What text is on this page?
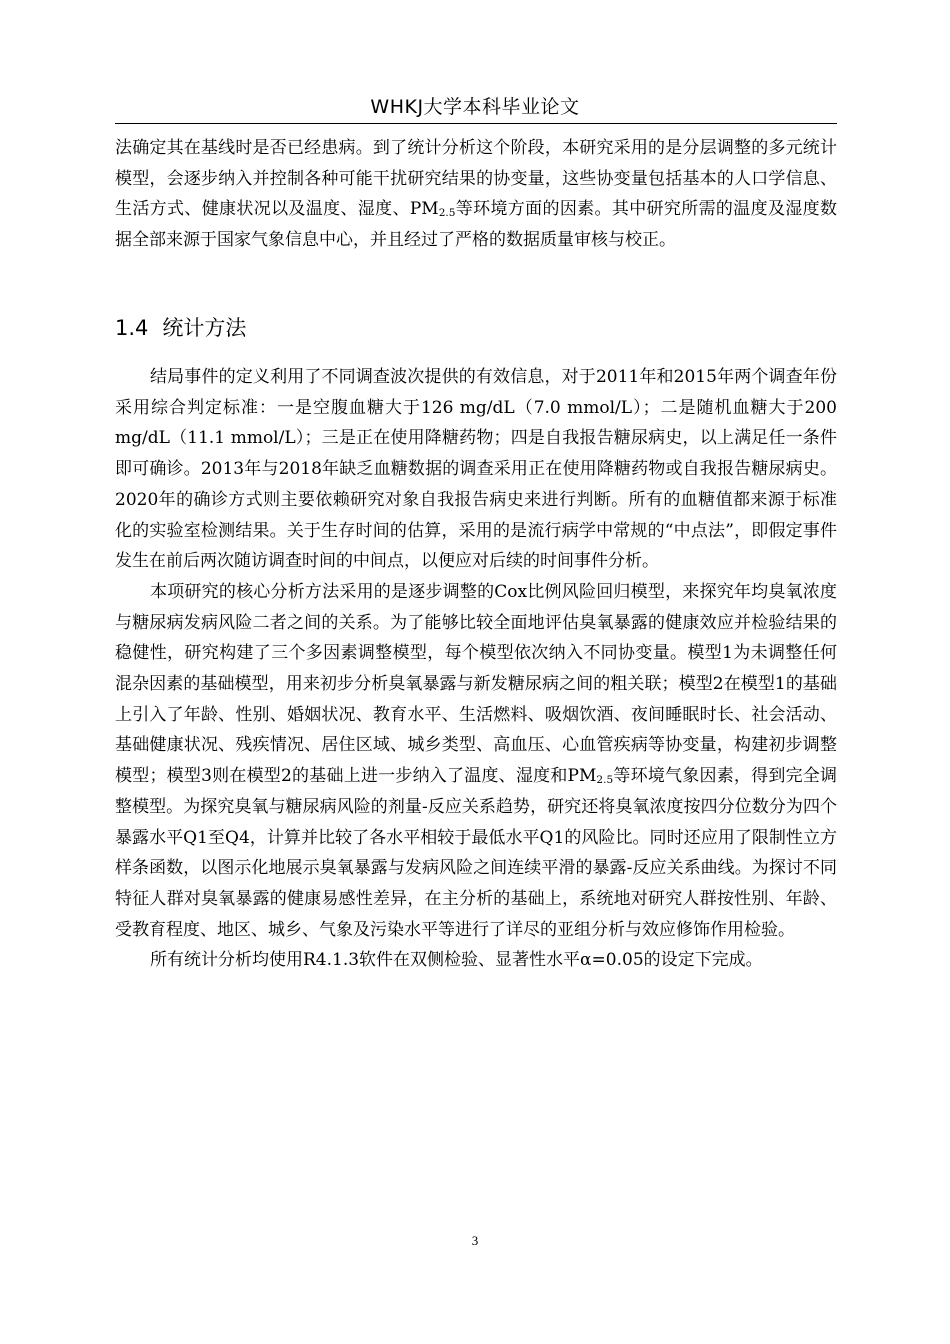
WHKJ大学本科毕业论文

法确定其在基线时是否已经患病。到了统计分析这个阶段，本研究采用的是分层调整的多元统计模型，会逐步纳入并控制各种可能干扰研究结果的协变量，这些协变量包括基本的人口学信息、生活方式、健康状况以及温度、湿度、$PM_{2.5}$等环境方面的因素。其中研究所需的温度及湿度数据全部来源于国家气象信息中心，并且经过了严格的数据质量审核与校正。

1.4 统计方法

结局事件的定义利用了不同调查波次提供的有效信息，对于2011年和2015年两个调查年份采用综合判定标准：一是空腹血糖大于126 mg/dL（7.0 mmol/L）；二是随机血糖大于200 mg/dL（11.1 mmol/L）；三是正在使用降糖药物；四是自我报告糖尿病史，以上满足任一条件即可确诊。2013年与2018年缺乏血糖数据的调查采用正在使用降糖药物或自我报告糖尿病史。2020年的确诊方式则主要依赖研究对象自我报告病史来进行判断。所有的血糖值都来源于标准化的实验室检测结果。关于生存时间的估算，采用的是流行病学中常规的“中点法”，即假定事件发生在前后两次随访调查时间的中间点，以便应对后续的时间事件分析。

本项研究的核心分析方法采用的是逐步调整的Cox比例风险回归模型，来探究年均臭氧浓度与糖尿病发病风险二者之间的关系。为了能够比较全面地评估臭氧暴露的健康效应并检验结果的稳健性，研究构建了三个多因素调整模型，每个模型依次纳入不同协变量。模型1为未调整任何混杂因素的基础模型，用来初步分析臭氧暴露与新发糖尿病之间的粗关联；模型2在模型1的基础上引入了年龄、性别、婚姻状况、教育水平、生活燃料、吸烟饮酒、夜间睡眠时长、社会活动、基础健康状况、残疾情况、居住区域、城乡类型、高血压、心血管疾病等协变量，构建初步调整模型；模型3则在模型2的基础上进一步纳入了温度、湿度和$PM_{2.5}$等环境气象因素，得到完全调整模型。为探究臭氧与糖尿病风险的剂量-反应关系趋势，研究还将臭氧浓度按四分位数分为四个暴露水平Q1至Q4，计算并比较了各水平相较于最低水平Q1的风险比。同时还应用了限制性立方样条函数，以图示化地展示臭氧暴露与发病风险之间连续平滑的暴露-反应关系曲线。为探讨不同特征人群对臭氧暴露的健康易感性差异，在主分析的基础上，系统地对研究人群按性别、年龄、受教育程度、地区、城乡、气象及污染水平等进行了详尽的亚组分析与效应修饰作用检验。

所有统计分析均使用R4.1.3软件在双侧检验、显著性水平α=0.05的设定下完成。

3
